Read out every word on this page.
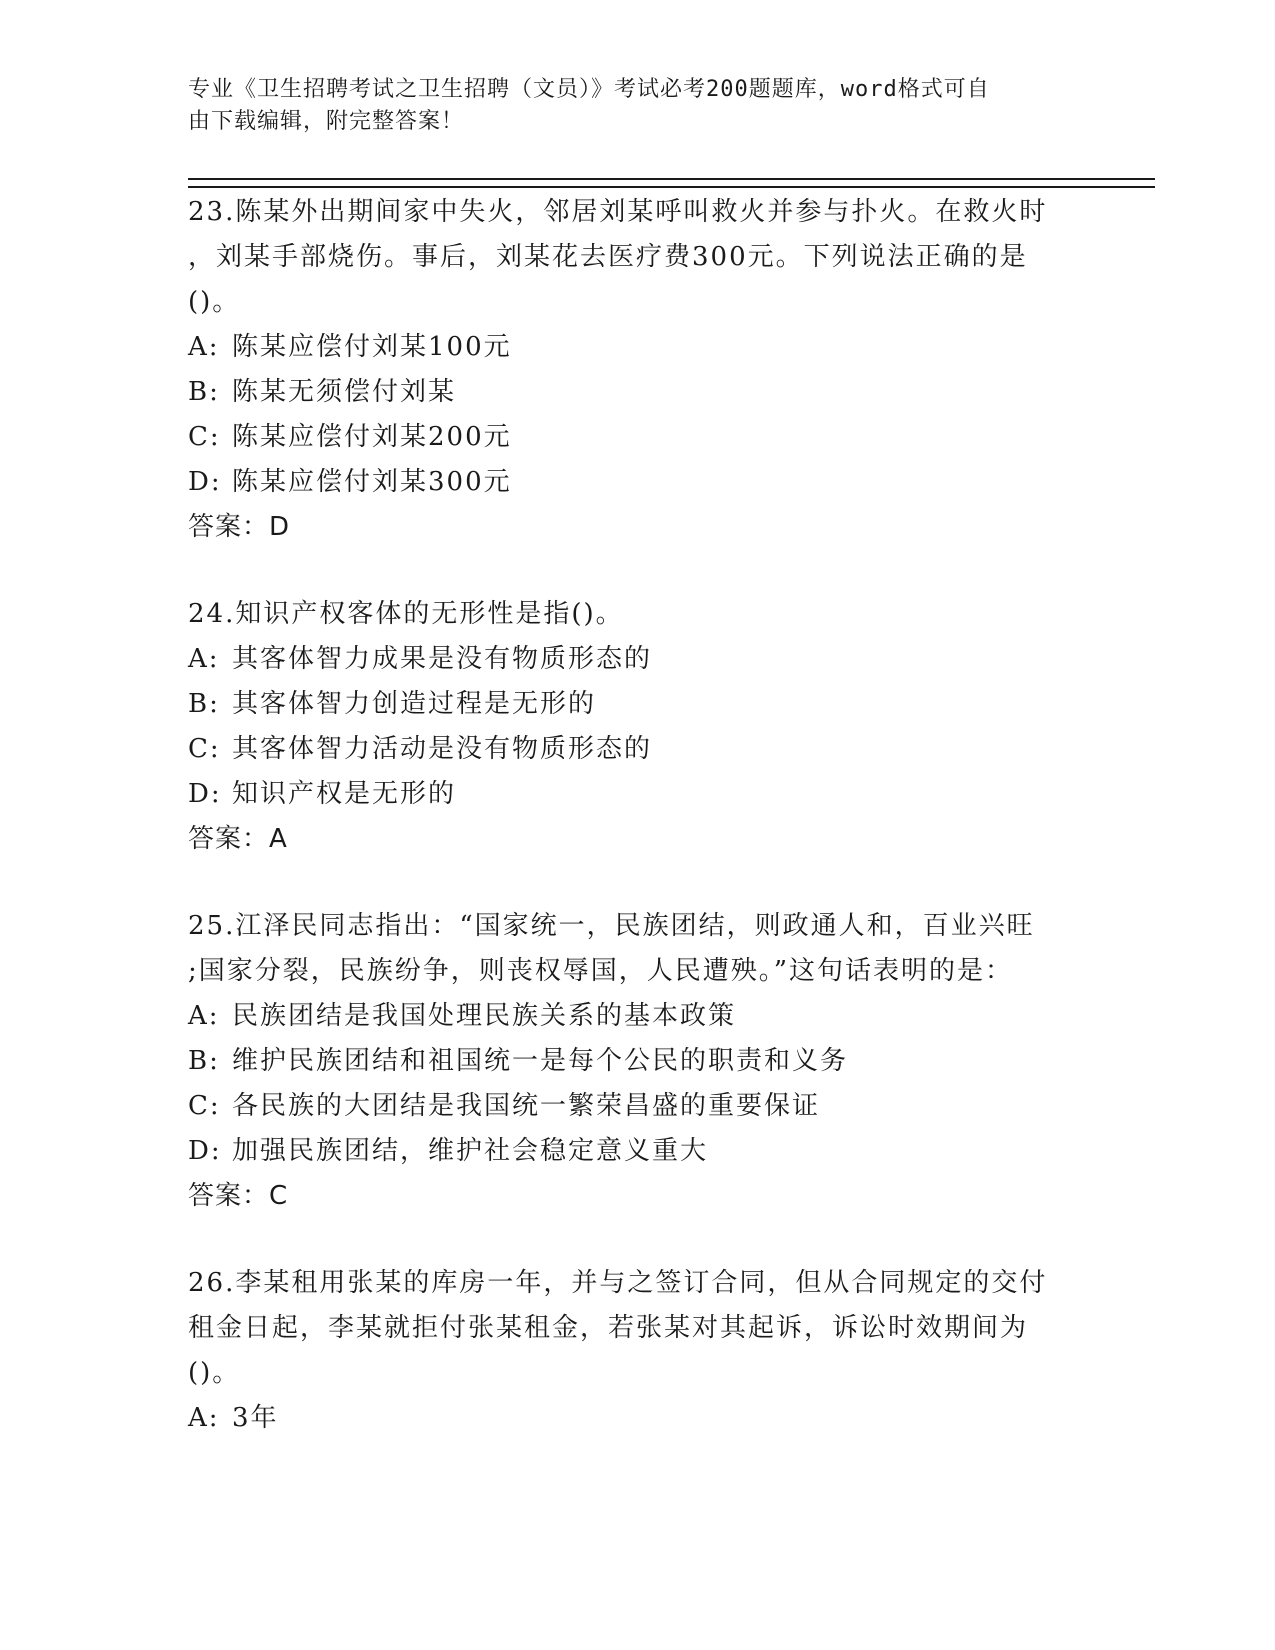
专业《卫生招聘考试之卫生招聘（文员）》考试必考200题题库，word格式可自
由下载编辑，附完整答案！

23.陈某外出期间家中失火，邻居刘某呼叫救火并参与扑火。在救火时

，刘某手部烧伤。事后，刘某花去医疗费300元。下列说法正确的是

()。

A: 陈某应偿付刘某100元

B: 陈某无须偿付刘某

C: 陈某应偿付刘某200元

D: 陈某应偿付刘某300元

答案：D

24.知识产权客体的无形性是指()。

A: 其客体智力成果是没有物质形态的

B: 其客体智力创造过程是无形的

C: 其客体智力活动是没有物质形态的

D: 知识产权是无形的

答案：A

25.江泽民同志指出：“国家统一，民族团结，则政通人和，百业兴旺

;国家分裂，民族纷争，则丧权辱国，人民遭殃。”这句话表明的是：

A: 民族团结是我国处理民族关系的基本政策

B: 维护民族团结和祖国统一是每个公民的职责和义务

C: 各民族的大团结是我国统一繁荣昌盛的重要保证

D: 加强民族团结，维护社会稳定意义重大

答案：C

26.李某租用张某的库房一年，并与之签订合同，但从合同规定的交付

租金日起，李某就拒付张某租金，若张某对其起诉，诉讼时效期间为

()。

A: 3年
